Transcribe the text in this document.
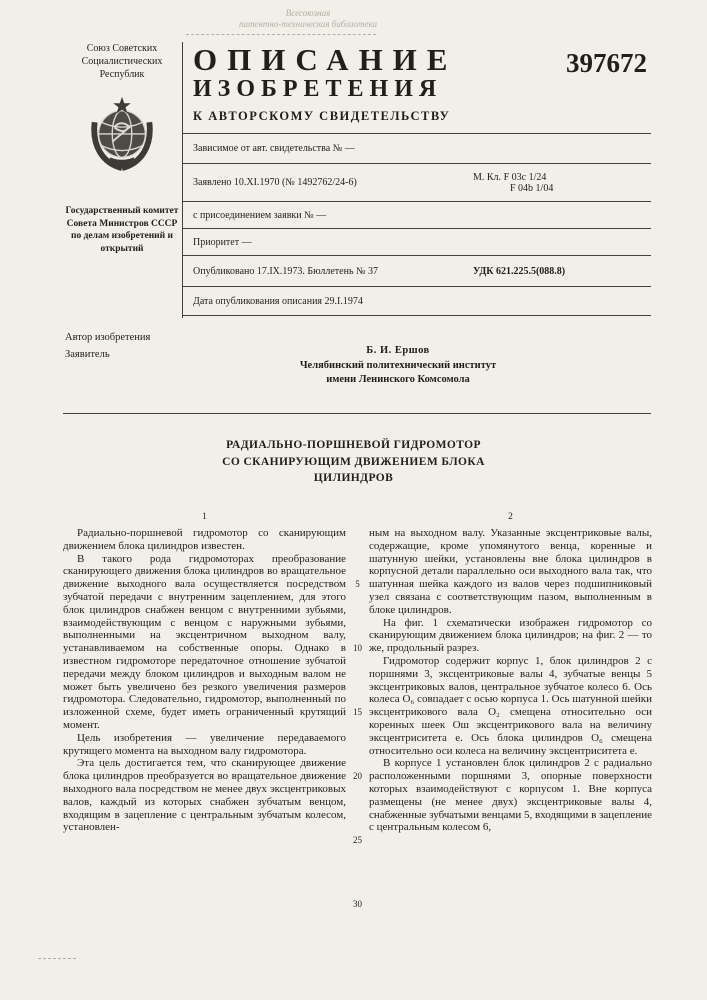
Всесоюзная
патентно-техническая библиотека
Союз Советских Социалистических Республик
Государственный комитет Совета Министров СССР по делам изобретений и открытий
ОПИСАНИЕ
ИЗОБРЕТЕНИЯ
К АВТОРСКОМУ СВИДЕТЕЛЬСТВУ
397672
Зависимое от авт. свидетельства № —
Заявлено 10.XI.1970 (№ 1492762/24-6)	М. Кл. F 03c 1/24
F 04b 1/04
с присоединением заявки № —
Приоритет —
Опубликовано 17.IX.1973. Бюллетень № 37	УДК 621.225.5(088.8)
Дата опубликования описания 29.I.1974
Автор изобретения
Заявитель	Б. И. Ершов
Челябинский политехнический институт
имени Ленинского Комсомола
РАДИАЛЬНО-ПОРШНЕВОЙ ГИДРОМОТОР
СО СКАНИРУЮЩИМ ДВИЖЕНИЕМ БЛОКА
ЦИЛИНДРОВ
1	2

Радиально-поршневой гидромотор со сканирующим движением блока цилиндров известен.

В такого рода гидромоторах преобразование сканирующего движения блока цилиндров во вращательное движение выходного вала осуществляется посредством зубчатой передачи с внутренним зацеплением, для этого блок цилиндров снабжен венцом с внутренними зубьями, взаимодействующим с венцом с наружными зубьями, выполненными на эксцентричном выходном валу, устанавливаемом на собственные опоры. Однако в известном гидромоторе передаточное отношение зубчатой передачи между блоком цилиндров и выходным валом не может быть увеличено без резкого увеличения размеров гидромотора. Следовательно, гидромотор, выполненный по изложенной схеме, будет иметь ограниченный крутящий момент.

Цель изобретения — увеличение передаваемого крутящего момента на выходном валу гидромотора.

Эта цель достигается тем, что сканирующее движение блока цилиндров преобразуется во вращательное движение выходного вала посредством не менее двух эксцентриковых валов, каждый из которых снабжен зубчатым венцом, входящим в зацепление с центральным зубчатым колесом, установлен-

ным на выходном валу. Указанные эксцентриковые валы, содержащие, кроме упомянутого венца, коренные и шатунную шейки, установлены вне блока цилиндров в корпусной детали параллельно оси выходного вала так, что шатунная шейка каждого из валов через подшипниковый узел связана с соответствующим пазом, выполненным в блоке цилиндров.

На фиг. 1 схематически изображен гидромотор со сканирующим движением блока цилиндров; на фиг. 2 — то же, продольный разрез.

Гидромотор содержит корпус 1, блок цилиндров 2 с поршнями 3, эксцентриковые валы 4, зубчатые венцы 5 эксцентриковых валов, центральное зубчатое колесо 6. Ось колеса О₆ совпадает с осью корпуса 1. Ось шатунной шейки эксцентрикового вала О₂ смещена относительно оси коренных шеек Ош эксцентрикового вала на величину эксцентриситета е. Ось блока цилиндров О₆ смещена относительно оси колеса на величину эксцентриситета е.

В корпусе 1 установлен блок цилиндров 2 с радиально расположенными поршнями 3, опорные поверхности которых взаимодействуют с корпусом 1. Вне корпуса размещены (не менее двух) эксцентриковые валы 4, снабженные зубчатыми венцами 5, входящими в зацепление с центральным колесом 6,

5
10
15
20
25
30
